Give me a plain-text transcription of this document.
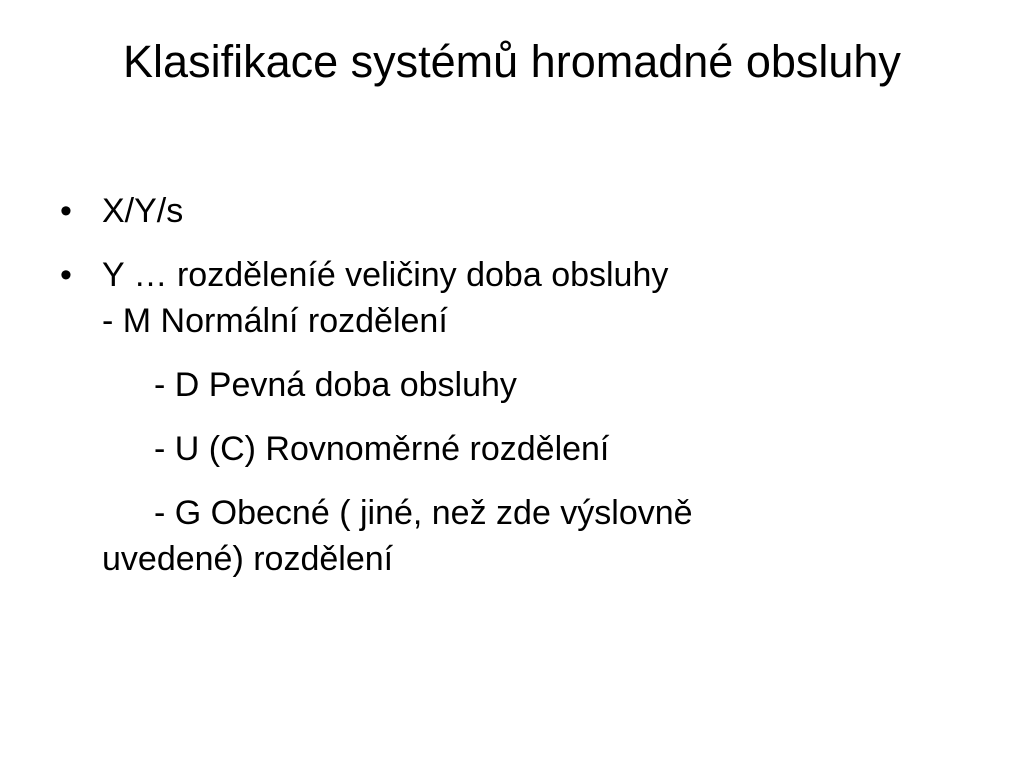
Klasifikace systémů hromadné obsluhy
• X/Y/s
• Y … rozdělení​é veličiny doba obsluhy
- M Normální rozdělení
- D Pevná doba obsluhy
- U (C) Rovnoměrné rozdělení
- G Obecné ( jiné, než zde výslovně
uvedené) rozdělení
